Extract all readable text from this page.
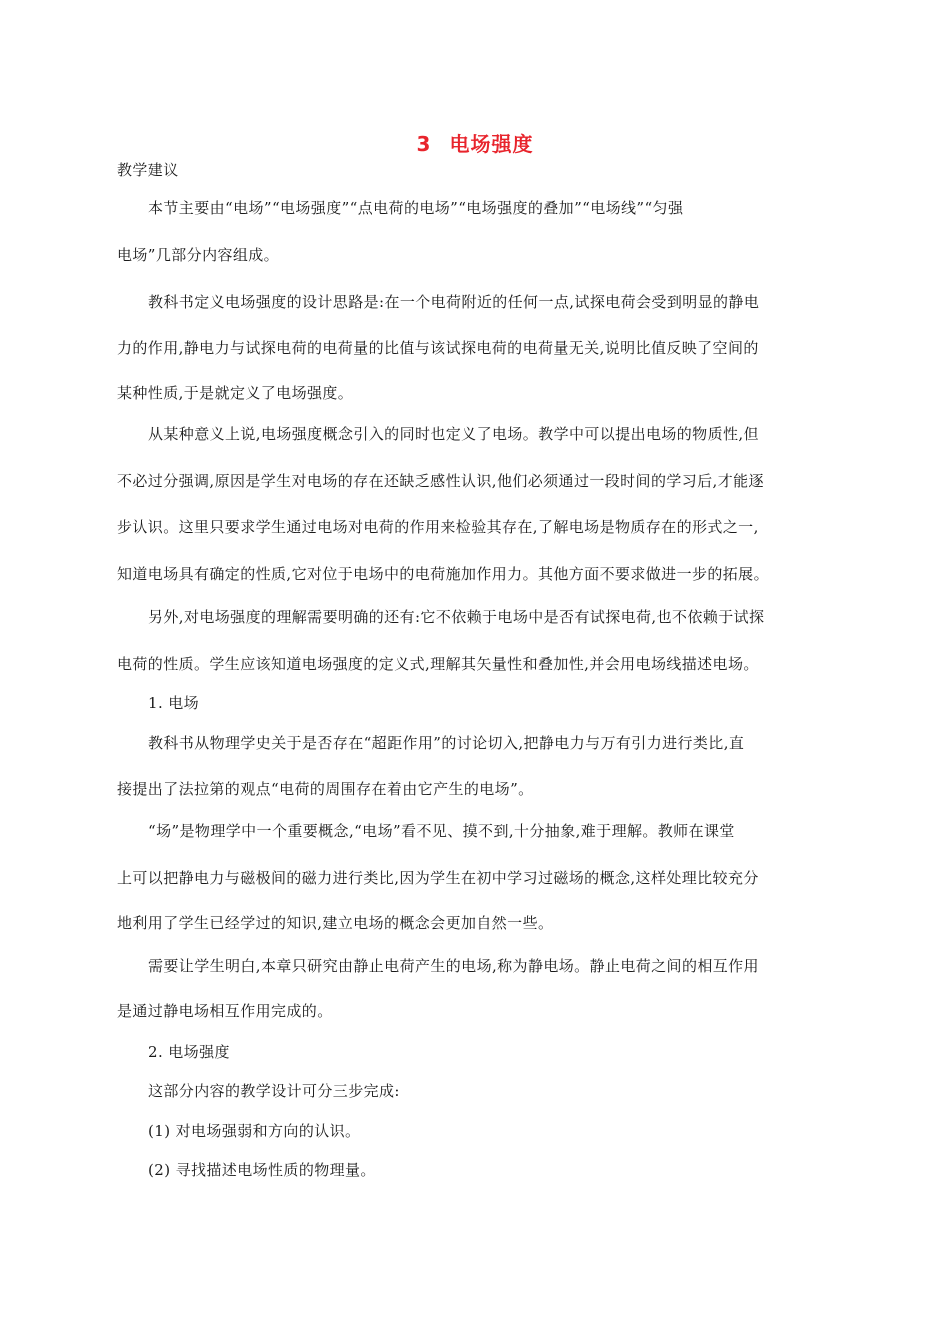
3 电场强度
教学建议
本节主要由“电场”“电场强度”“点电荷的电场”“电场强度的叠加”“电场线”“匀强
电场”几部分内容组成。
教科书定义电场强度的设计思路是:在一个电荷附近的任何一点,试探电荷会受到明显的静电
力的作用,静电力与试探电荷的电荷量的比值与该试探电荷的电荷量无关,说明比值反映了空间的
某种性质,于是就定义了电场强度。
从某种意义上说,电场强度概念引入的同时也定义了电场。教学中可以提出电场的物质性,但
不必过分强调,原因是学生对电场的存在还缺乏感性认识,他们必须通过一段时间的学习后,才能逐
步认识。这里只要求学生通过电场对电荷的作用来检验其存在,了解电场是物质存在的形式之一,
知道电场具有确定的性质,它对位于电场中的电荷施加作用力。其他方面不要求做进一步的拓展。
另外,对电场强度的理解需要明确的还有:它不依赖于电场中是否有试探电荷,也不依赖于试探
电荷的性质。学生应该知道电场强度的定义式,理解其矢量性和叠加性,并会用电场线描述电场。
1. 电场
教科书从物理学史关于是否存在“超距作用”的讨论切入,把静电力与万有引力进行类比,直
接提出了法拉第的观点“电荷的周围存在着由它产生的电场”。
“场”是物理学中一个重要概念,“电场”看不见、摸不到,十分抽象,难于理解。教师在课堂
上可以把静电力与磁极间的磁力进行类比,因为学生在初中学习过磁场的概念,这样处理比较充分
地利用了学生已经学过的知识,建立电场的概念会更加自然一些。
需要让学生明白,本章只研究由静止电荷产生的电场,称为静电场。静止电荷之间的相互作用
是通过静电场相互作用完成的。
2. 电场强度
这部分内容的教学设计可分三步完成:
(1) 对电场强弱和方向的认识。
(2) 寻找描述电场性质的物理量。
